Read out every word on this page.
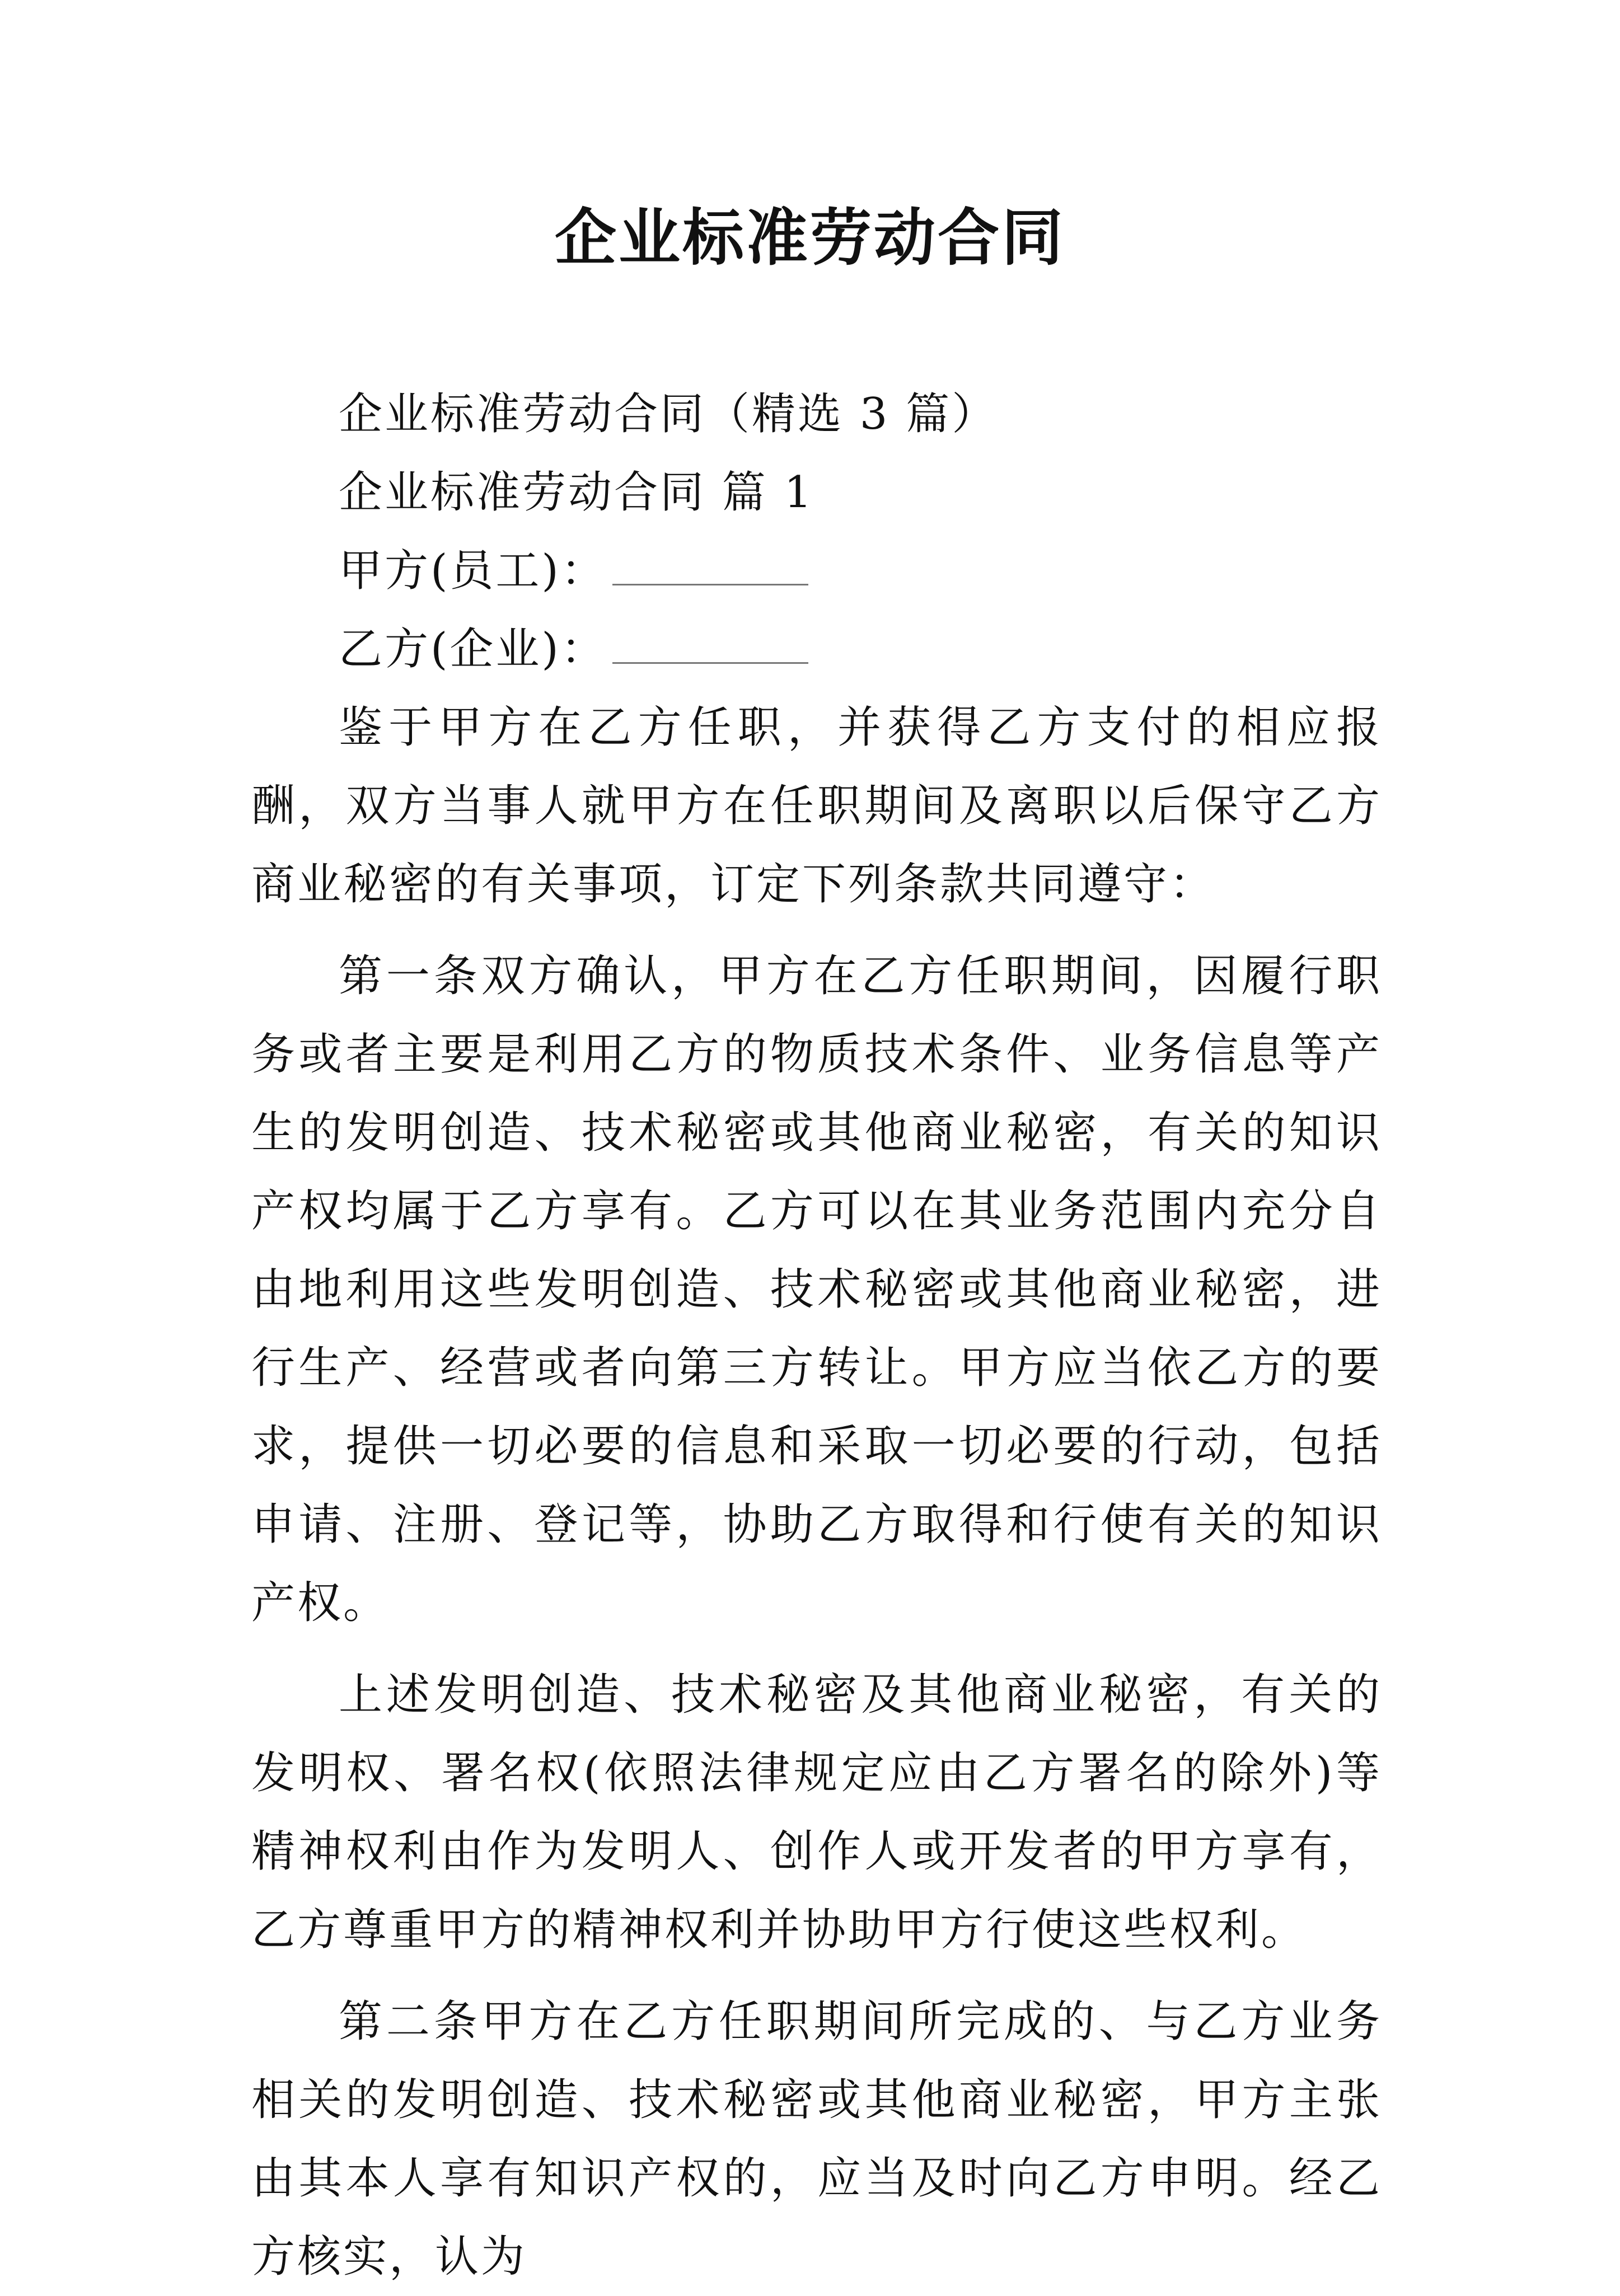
企业标准劳动合同

企业标准劳动合同（精选 3 篇）

企业标准劳动合同 篇 1

甲方(员工)：

乙方(企业)：

鉴于甲方在乙方任职，并获得乙方支付的相应报酬，双方当事人就甲方在任职期间及离职以后保守乙方商业秘密的有关事项，订定下列条款共同遵守：

第一条双方确认，甲方在乙方任职期间，因履行职务或者主要是利用乙方的物质技术条件、业务信息等产生的发明创造、技术秘密或其他商业秘密，有关的知识产权均属于乙方享有。乙方可以在其业务范围内充分自由地利用这些发明创造、技术秘密或其他商业秘密，进行生产、经营或者向第三方转让。甲方应当依乙方的要求，提供一切必要的信息和采取一切必要的行动，包括申请、注册、登记等，协助乙方取得和行使有关的知识产权。

上述发明创造、技术秘密及其他商业秘密，有关的发明权、署名权(依照法律规定应由乙方署名的除外)等精神权利由作为发明人、创作人或开发者的甲方享有，乙方尊重甲方的精神权利并协助甲方行使这些权利。

第二条甲方在乙方任职期间所完成的、与乙方业务相关的发明创造、技术秘密或其他商业秘密，甲方主张由其本人享有知识产权的，应当及时向乙方申明。经乙方核实，认为
